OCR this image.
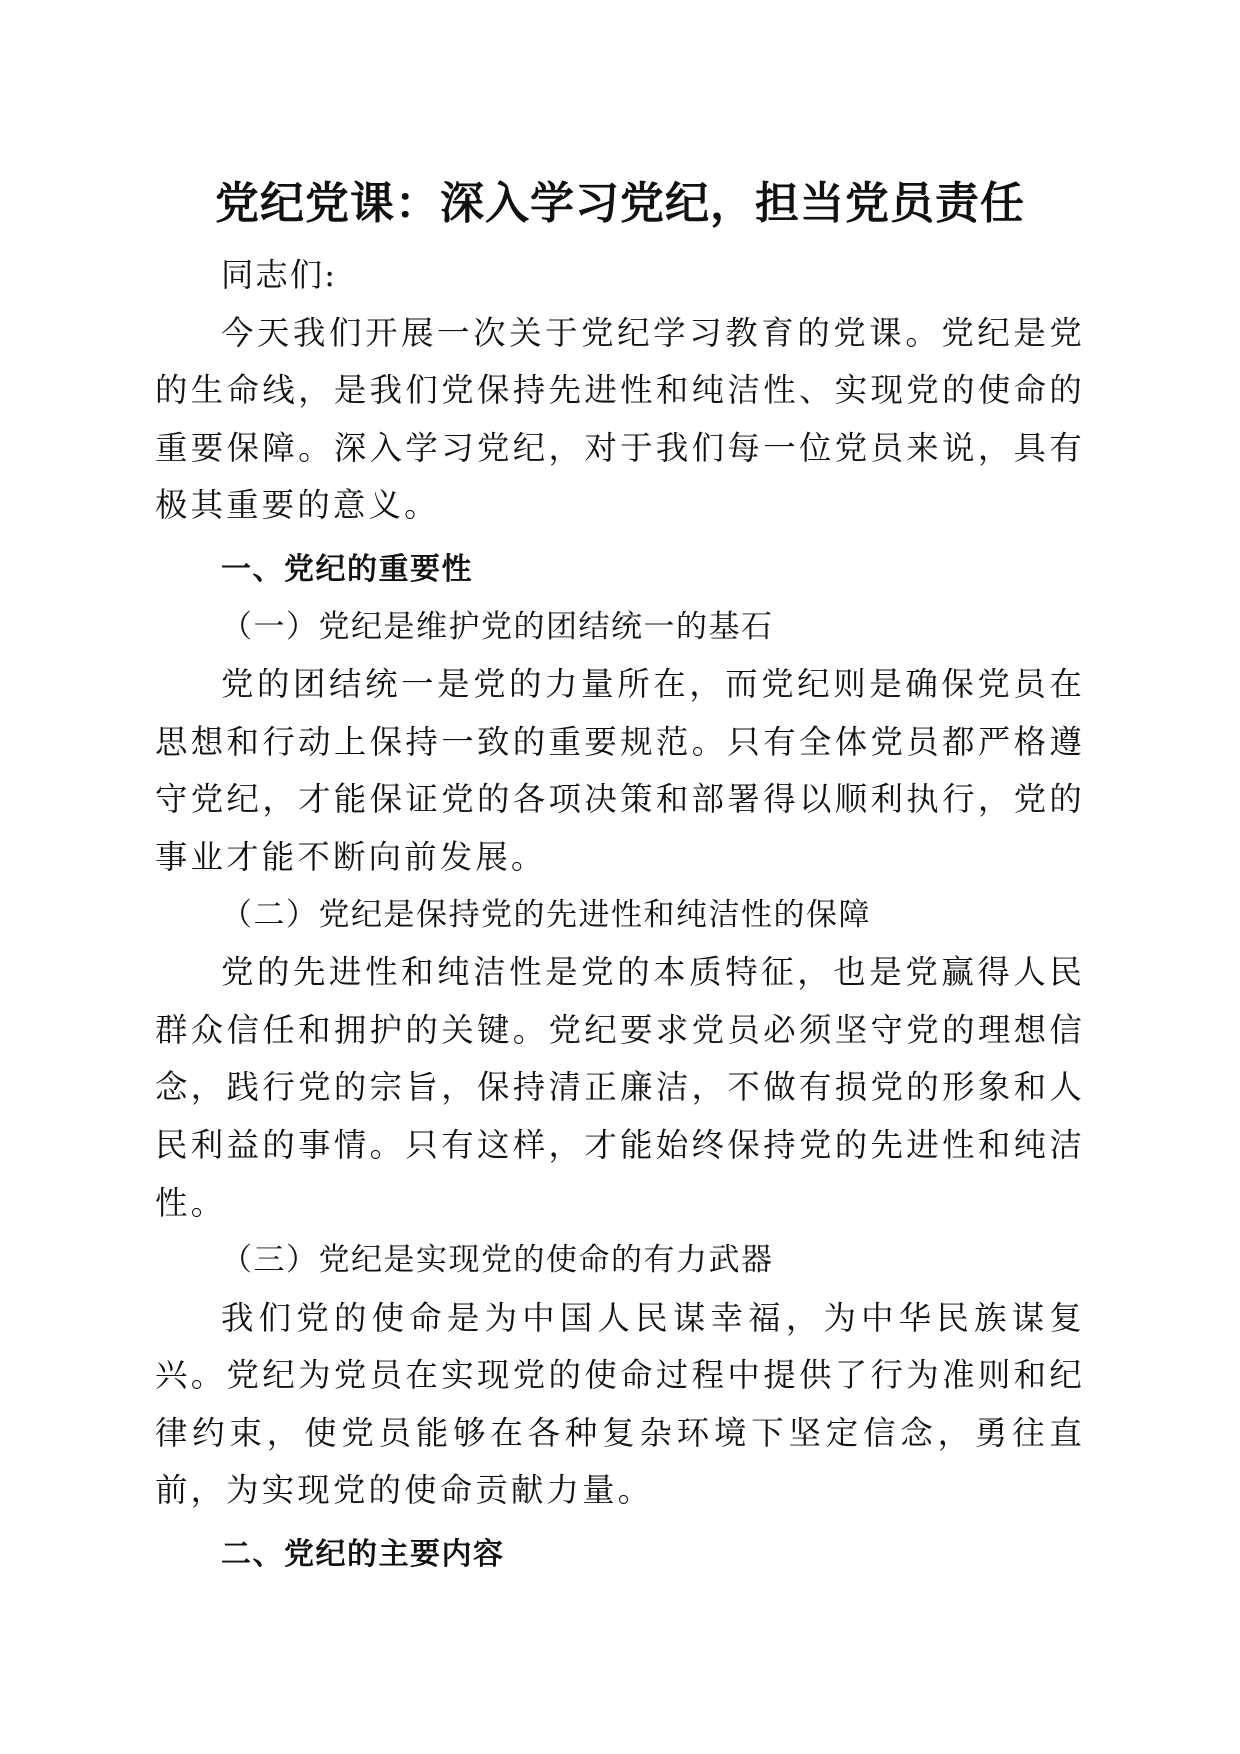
党纪党课：深入学习党纪，担当党员责任

同志们:

今天我们开展一次关于党纪学习教育的党课。党纪是党的生命线，是我们党保持先进性和纯洁性、实现党的使命的重要保障。深入学习党纪，对于我们每一位党员来说，具有极其重要的意义。

一、党纪的重要性

（一）党纪是维护党的团结统一的基石

党的团结统一是党的力量所在，而党纪则是确保党员在思想和行动上保持一致的重要规范。只有全体党员都严格遵守党纪，才能保证党的各项决策和部署得以顺利执行，党的事业才能不断向前发展。

（二）党纪是保持党的先进性和纯洁性的保障

党的先进性和纯洁性是党的本质特征，也是党赢得人民群众信任和拥护的关键。党纪要求党员必须坚守党的理想信念，践行党的宗旨，保持清正廉洁，不做有损党的形象和人民利益的事情。只有这样，才能始终保持党的先进性和纯洁性。

（三）党纪是实现党的使命的有力武器

我们党的使命是为中国人民谋幸福，为中华民族谋复兴。党纪为党员在实现党的使命过程中提供了行为准则和纪律约束，使党员能够在各种复杂环境下坚定信念，勇往直前，为实现党的使命贡献力量。

二、党纪的主要内容
